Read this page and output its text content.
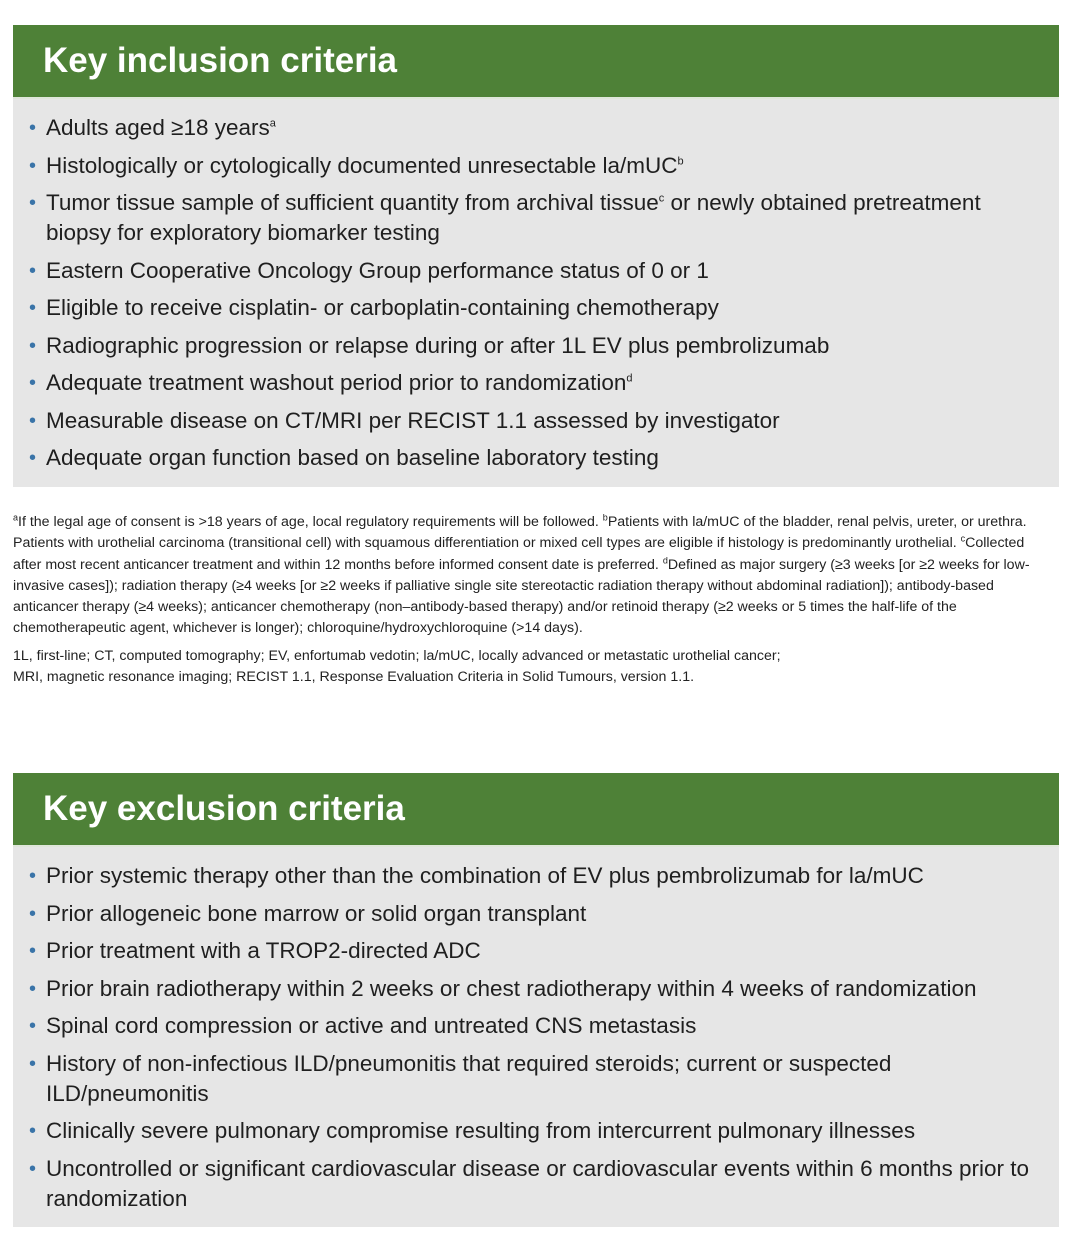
Key inclusion criteria
• Adults aged ≥18 years$^a$
• Histologically or cytologically documented unresectable la/mUC$^b$
• Tumor tissue sample of sufficient quantity from archival tissue$^c$ or newly obtained pretreatment biopsy for exploratory biomarker testing
• Eastern Cooperative Oncology Group performance status of 0 or 1
• Eligible to receive cisplatin- or carboplatin-containing chemotherapy
• Radiographic progression or relapse during or after 1L EV plus pembrolizumab
• Adequate treatment washout period prior to randomization$^d$
• Measurable disease on CT/MRI per RECIST 1.1 assessed by investigator
• Adequate organ function based on baseline laboratory testing

$^a$If the legal age of consent is >18 years of age, local regulatory requirements will be followed. $^b$Patients with la/mUC of the bladder, renal pelvis, ureter, or urethra. Patients with urothelial carcinoma (transitional cell) with squamous differentiation or mixed cell types are eligible if histology is predominantly urothelial. $^c$Collected after most recent anticancer treatment and within 12 months before informed consent date is preferred. $^d$Defined as major surgery (≥3 weeks [or ≥2 weeks for low-invasive cases]); radiation therapy (≥4 weeks [or ≥2 weeks if palliative single site stereotactic radiation therapy without abdominal radiation]); antibody-based anticancer therapy (≥4 weeks); anticancer chemotherapy (non–antibody-based therapy) and/or retinoid therapy (≥2 weeks or 5 times the half-life of the chemotherapeutic agent, whichever is longer); chloroquine/hydroxychloroquine (>14 days).

1L, first-line; CT, computed tomography; EV, enfortumab vedotin; la/mUC, locally advanced or metastatic urothelial cancer;
MRI, magnetic resonance imaging; RECIST 1.1, Response Evaluation Criteria in Solid Tumours, version 1.1.

Key exclusion criteria
• Prior systemic therapy other than the combination of EV plus pembrolizumab for la/mUC
• Prior allogeneic bone marrow or solid organ transplant
• Prior treatment with a TROP2-directed ADC
• Prior brain radiotherapy within 2 weeks or chest radiotherapy within 4 weeks of randomization
• Spinal cord compression or active and untreated CNS metastasis
• History of non-infectious ILD/pneumonitis that required steroids; current or suspected ILD/pneumonitis
• Clinically severe pulmonary compromise resulting from intercurrent pulmonary illnesses
• Uncontrolled or significant cardiovascular disease or cardiovascular events within 6 months prior to randomization
